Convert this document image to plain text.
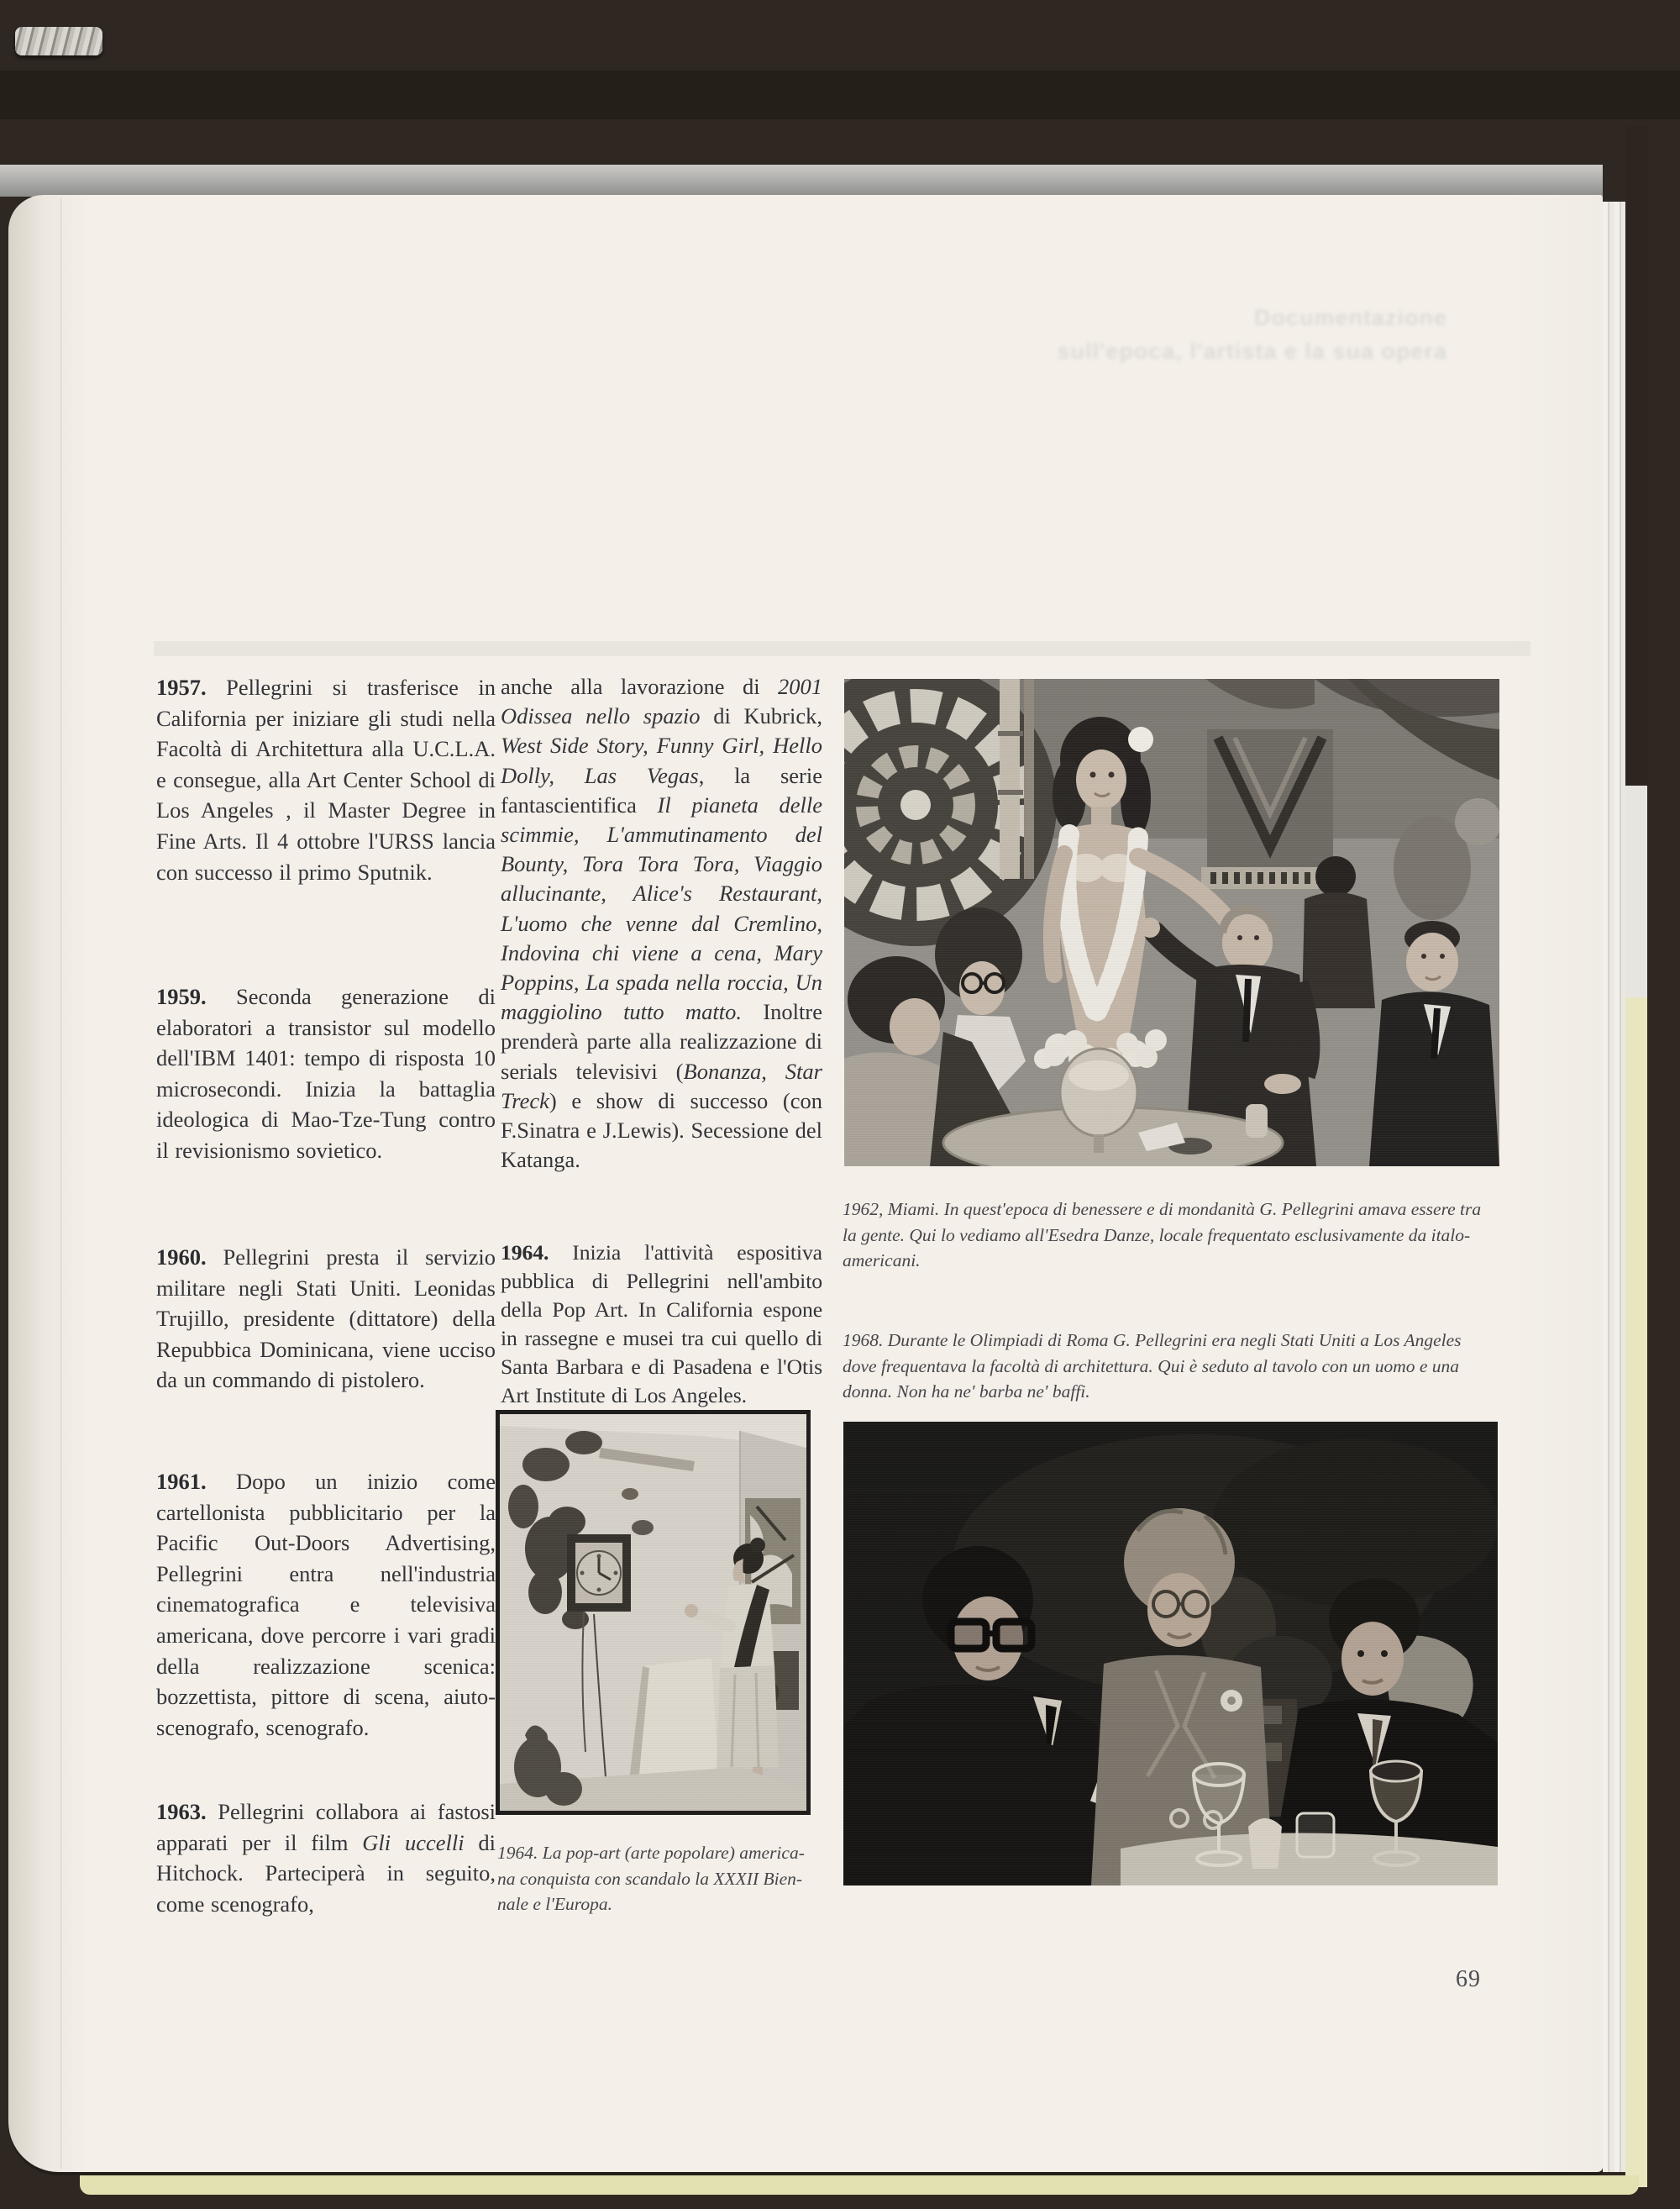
Documentazione
sull'epoca, l'artista e la sua opera
1957. Pellegrini si trasferisce in California per iniziare gli studi nella Facoltà di Architettura alla U.C.L.A. e consegue, alla Art Center School di Los Angeles , il Master Degree in Fine Arts. Il 4 ottobre l'URSS lancia con successo il primo Sputnik.
1959. Seconda generazione di elaboratori a transistor sul modello dell'IBM 1401: tempo di risposta 10 microsecondi. Inizia la battaglia ideologica di Mao-Tze-Tung contro il revisionismo sovietico.
1960. Pellegrini presta il servizio militare negli Stati Uniti. Leonidas Trujillo, presidente (dittatore) della Repubbica Dominicana, viene ucciso da un commando di pistolero.
1961. Dopo un inizio come cartellonista pubblicitario per la Pacific Out-Doors Advertising, Pellegrini entra nell'industria cinematografica e televisiva americana, dove percorre i vari gradi della realizzazione scenica: bozzettista, pittore di scena, aiuto-scenografo, scenografo.
1963. Pellegrini collabora ai fastosi apparati per il film Gli uccelli di Hitchock. Parteciperà in seguito, come scenografo,
anche alla lavorazione di 2001 Odissea nello spazio di Kubrick, West Side Story, Funny Girl, Hello Dolly, Las Vegas, la serie fantascientifica Il pianeta delle scimmie, L'ammutinamento del Bounty, Tora Tora Tora, Viaggio allucinante, Alice's Restaurant, L'uomo che venne dal Cremlino, Indovina chi viene a cena, Mary Poppins, La spada nella roccia, Un maggiolino tutto matto. Inoltre prenderà parte alla realizzazione di serials televisivi (Bonanza, Star Treck) e show di successo (con F.Sinatra e J.Lewis). Secessione del Katanga.
1964. Inizia l'attività espositiva pubblica di Pellegrini nell'ambito della Pop Art. In California espone in rassegne e musei tra cui quello di Santa Barbara e di Pasadena e l'Otis Art Institute di Los Angeles.
1962, Miami. In quest'epoca di benessere e di mondanità G. Pellegrini amava essere tra la gente. Qui lo vediamo all'Esedra Danze, locale frequentato esclusivamente da italo-americani.
1968. Durante le Olimpiadi di Roma G. Pellegrini era negli Stati Uniti a Los Angeles dove frequentava la facoltà di architettura. Qui è seduto al tavolo con un uomo e una donna. Non ha ne' barba ne' baffi.
1964. La pop-art (arte popolare) americana conquista con scandalo la XXXII Biennale e l'Europa.
69
